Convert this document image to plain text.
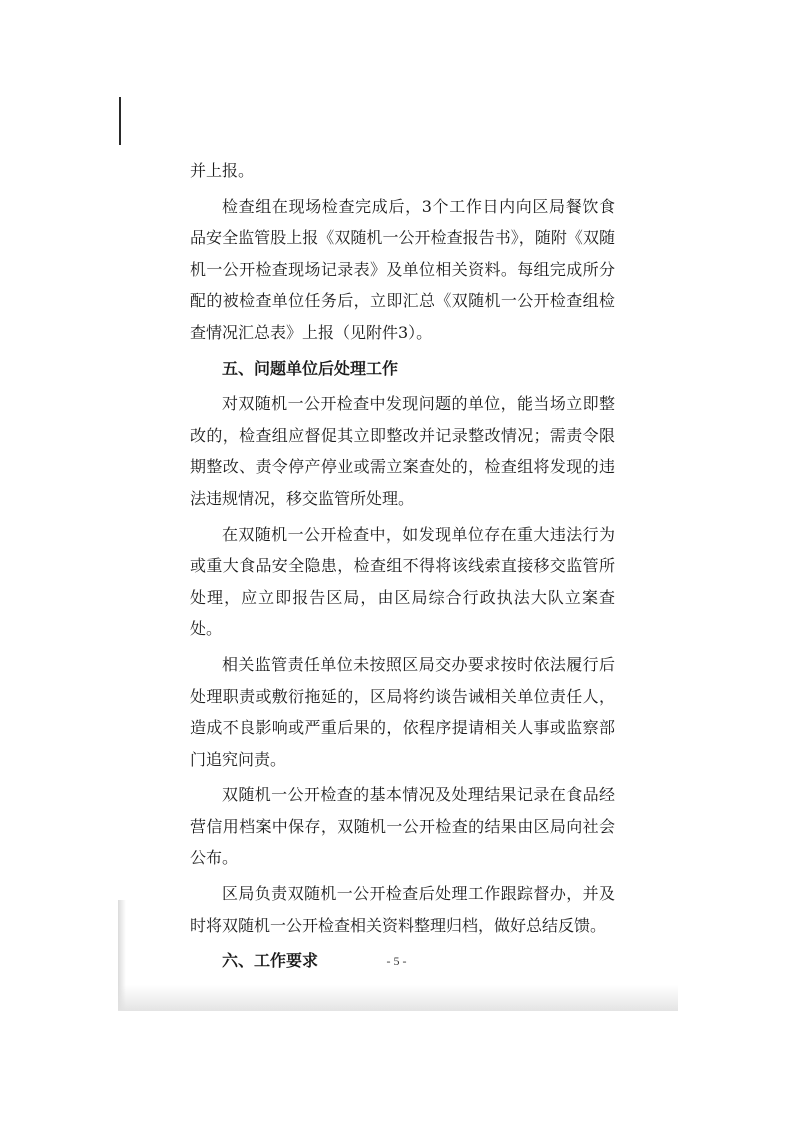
并上报。

检查组在现场检查完成后，3个工作日内向区局餐饮食品安全监管股上报《双随机一公开检查报告书》，随附《双随机一公开检查现场记录表》及单位相关资料。每组完成所分配的被检查单位任务后，立即汇总《双随机一公开检查组检查情况汇总表》上报（见附件3）。

五、问题单位后处理工作

对双随机一公开检查中发现问题的单位，能当场立即整改的，检查组应督促其立即整改并记录整改情况；需责令限期整改、责令停产停业或需立案查处的，检查组将发现的违法违规情况，移交监管所处理。

在双随机一公开检查中，如发现单位存在重大违法行为或重大食品安全隐患，检查组不得将该线索直接移交监管所处理，应立即报告区局，由区局综合行政执法大队立案查处。

相关监管责任单位未按照区局交办要求按时依法履行后处理职责或敷衍拖延的，区局将约谈告诫相关单位责任人，造成不良影响或严重后果的，依程序提请相关人事或监察部门追究问责。

双随机一公开检查的基本情况及处理结果记录在食品经营信用档案中保存，双随机一公开检查的结果由区局向社会公布。

区局负责双随机一公开检查后处理工作跟踪督办，并及时将双随机一公开检查相关资料整理归档，做好总结反馈。

六、工作要求	- 5 -
